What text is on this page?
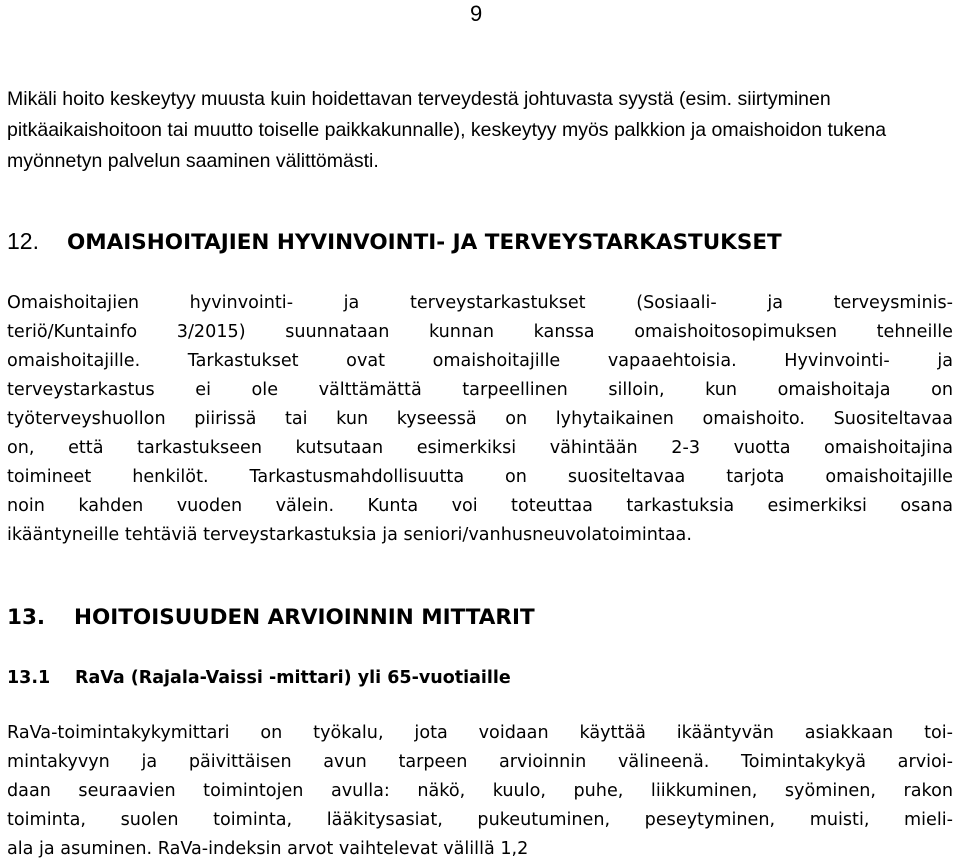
9

Mikäli hoito keskeytyy muusta kuin hoidettavan terveydestä johtuvasta syystä (esim. siirtyminen pitkäaikaishoitoon tai muutto toiselle paikkakunnalle), keskeytyy myös palkkion ja omaishoidon tukena myönnetyn palvelun saaminen välittömästi.

12. OMAISHOITAJIEN HYVINVOINTI- JA TERVEYSTARKASTUKSET
Omaishoitajien hyvinvointi- ja terveystarkastukset (Sosiaali- ja terveysminis-
teriö/Kuntainfo 3/2015) suunnataan kunnan kanssa omaishoitosopimuksen tehneille
omaishoitajille. Tarkastukset ovat omaishoitajille vapaaehtoisia. Hyvinvointi- ja
terveystarkastus ei ole välttämättä tarpeellinen silloin, kun omaishoitaja on
työterveyshuollon piirissä tai kun kyseessä on lyhytaikainen omaishoito. Suositeltavaa
on, että tarkastukseen kutsutaan esimerkiksi vähintään 2-3 vuotta omaishoitajina
toimineet henkilöt. Tarkastusmahdollisuutta on suositeltavaa tarjota omaishoitajille
noin kahden vuoden välein. Kunta voi toteuttaa tarkastuksia esimerkiksi osana
ikääntyneille tehtäviä terveystarkastuksia ja seniori/vanhusneuvolatoimintaa.
13. HOITOISUUDEN ARVIOINNIN MITTARIT
13.1 RaVa (Rajala-Vaissi -mittari) yli 65-vuotiaille
RaVa-toimintakykymittari on työkalu, jota voidaan käyttää ikääntyvän asiakkaan toi-
mintakyvyn ja päivittäisen avun tarpeen arvioinnin välineenä. Toimintakykyä arvioi-
daan seuraavien toimintojen avulla: näkö, kuulo, puhe, liikkuminen, syöminen, rakon
toiminta, suolen toiminta, lääkitysasiat, pukeutuminen, peseytyminen, muisti, mieli-
ala ja asuminen. RaVa-indeksin arvot vaihtelevat välillä 1,2
